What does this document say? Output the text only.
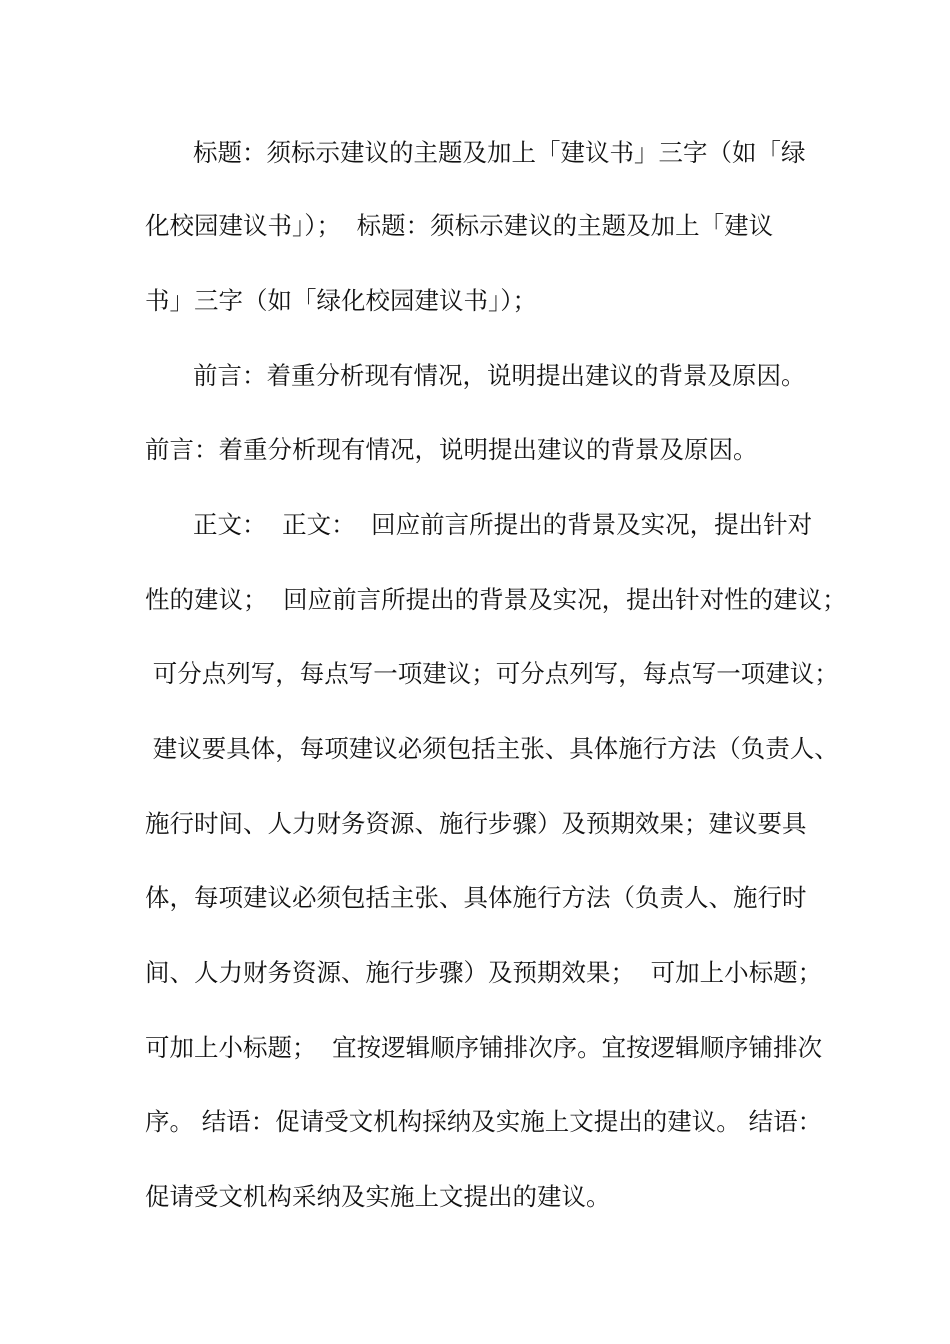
标题：须标示建议的主题及加上「建议书」三字（如「绿
化校园建议书」）；  标题：须标示建议的主题及加上「建议
书」三字（如「绿化校园建议书」）；
前言：着重分析现有情况，说明提出建议的背景及原因。
前言：着重分析现有情况，说明提出建议的背景及原因。
正文：  正文：  回应前言所提出的背景及实况，提出针对
性的建议；  回应前言所提出的背景及实况，提出针对性的建议；
可分点列写，每点写一项建议；可分点列写，每点写一项建议；
建议要具体，每项建议必须包括主张、具体施行方法（负责人、
施行时间、人力财务资源、施行步骤）及预期效果；建议要具
体，每项建议必须包括主张、具体施行方法（负责人、施行时
间、人力财务资源、施行步骤）及预期效果；  可加上小标题；
可加上小标题；  宜按逻辑顺序铺排次序。宜按逻辑顺序铺排次
序。 结语：促请受文机构採纳及实施上文提出的建议。 结语：
促请受文机构采纳及实施上文提出的建议。
